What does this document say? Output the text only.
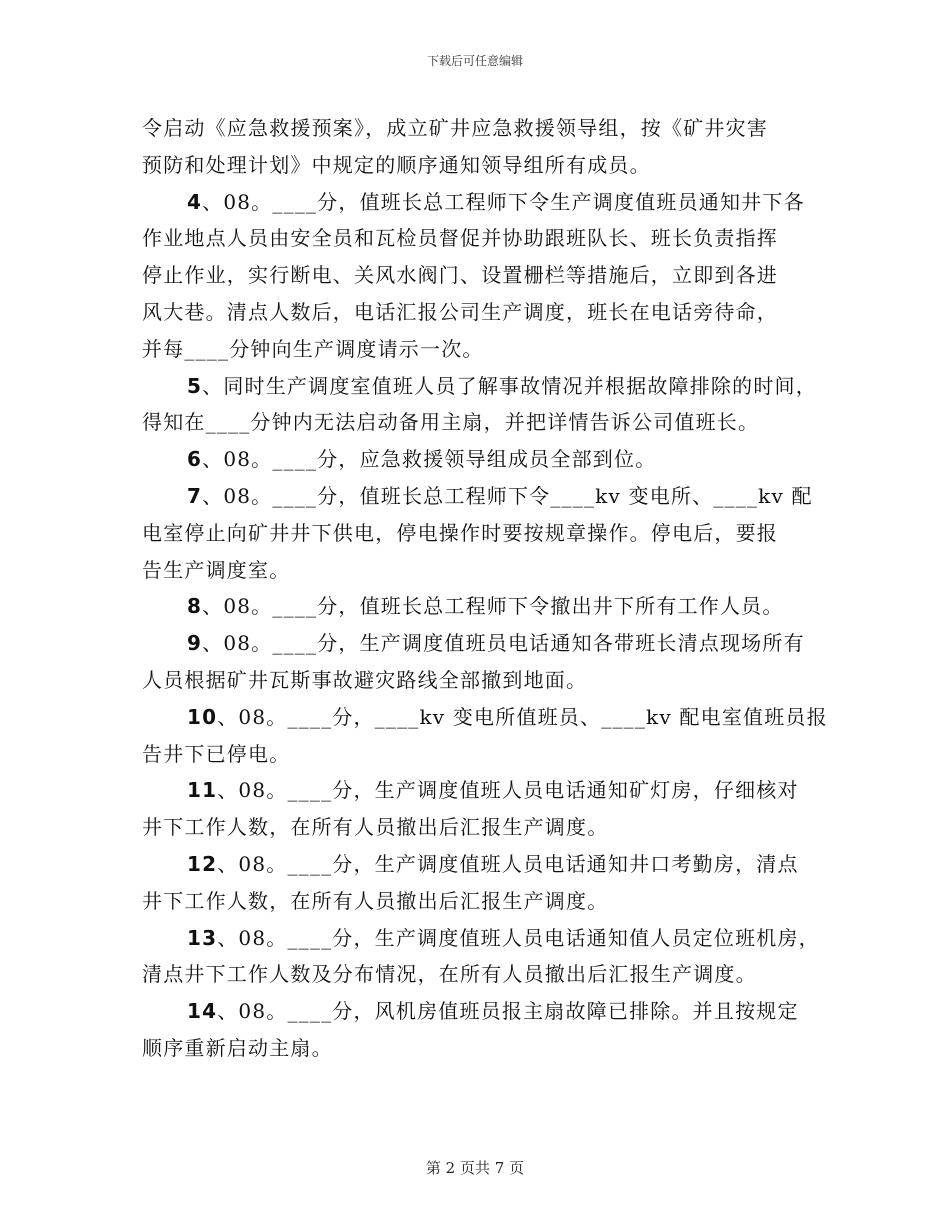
下载后可任意编辑
令启动《应急救援预案》，成立矿井应急救援领导组，按《矿井灾害
预防和处理计划》中规定的顺序通知领导组所有成员。
4、08。____分，值班长总工程师下令生产调度值班员通知井下各
作业地点人员由安全员和瓦检员督促并协助跟班队长、班长负责指挥
停止作业，实行断电、关风水阀门、设置栅栏等措施后，立即到各进
风大巷。清点人数后，电话汇报公司生产调度，班长在电话旁待命，
并每____分钟向生产调度请示一次。
5、同时生产调度室值班人员了解事故情况并根据故障排除的时间，
得知在____分钟内无法启动备用主扇，并把详情告诉公司值班长。
6、08。____分，应急救援领导组成员全部到位。
7、08。____分，值班长总工程师下令____kv 变电所、____kv 配
电室停止向矿井井下供电，停电操作时要按规章操作。停电后，要报
告生产调度室。
8、08。____分，值班长总工程师下令撤出井下所有工作人员。
9、08。____分，生产调度值班员电话通知各带班长清点现场所有
人员根据矿井瓦斯事故避灾路线全部撤到地面。
10、08。____分，____kv 变电所值班员、____kv 配电室值班员报
告井下已停电。
11、08。____分，生产调度值班人员电话通知矿灯房，仔细核对
井下工作人数，在所有人员撤出后汇报生产调度。
12、08。____分，生产调度值班人员电话通知井口考勤房，清点
井下工作人数，在所有人员撤出后汇报生产调度。
13、08。____分，生产调度值班人员电话通知值人员定位班机房，
清点井下工作人数及分布情况，在所有人员撤出后汇报生产调度。
14、08。____分，风机房值班员报主扇故障已排除。并且按规定
顺序重新启动主扇。
第 2 页共 7 页
